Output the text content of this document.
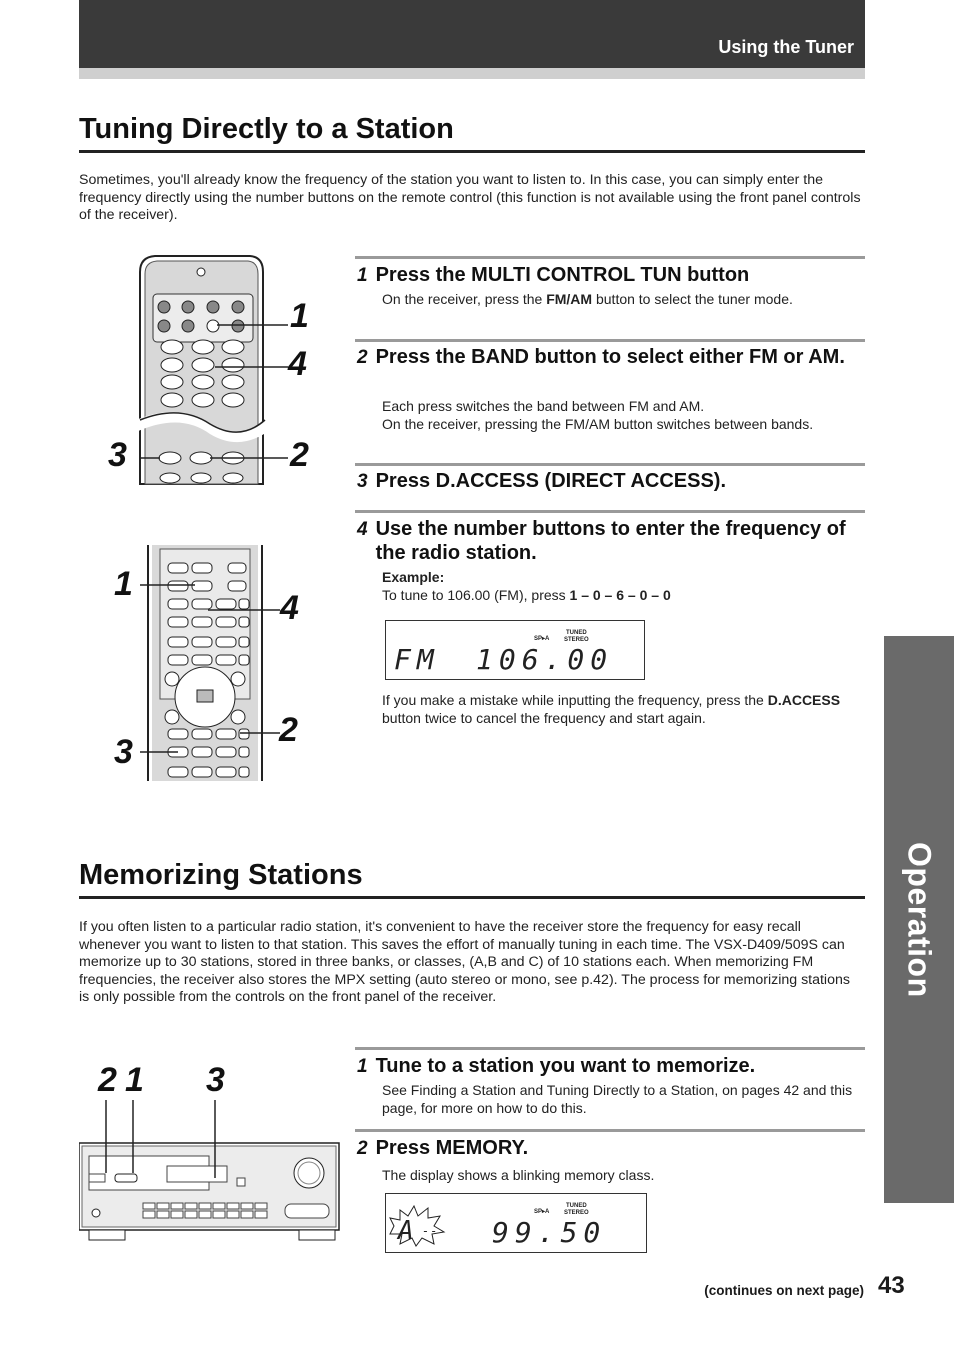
Using the Tuner
Tuning Directly to a Station
Sometimes, you'll already know the frequency of the station you want to listen to. In this case, you can simply enter the frequency directly using the number buttons on the remote control (this function is not available using the front panel controls of the receiver).
1
4
3	2
1
4
2
3
1 Press the MULTI CONTROL TUN button
On the receiver, press the FM/AM button to select the tuner mode.
2 Press the BAND button to select either FM or AM.
Each press switches the band between FM and AM.
On the receiver, pressing the FM/AM button switches between bands.
3 Press D.ACCESS (DIRECT ACCESS).
4 Use the number buttons to enter the frequency of the radio station.
Example:
To tune to 106.00 (FM), press 1 – 0 – 6 – 0 – 0
SP▸A
TUNED
STEREO
FM 106.00
If you make a mistake while inputting the frequency, press the D.ACCESS button twice to cancel the frequency and start again.
Memorizing Stations
If you often listen to a particular radio station, it's convenient to have the receiver store the frequency for easy recall whenever you want to listen to that station. This saves the effort of manually tuning in each time. The VSX-D409/509S can memorize up to 30 stations, stored in three banks, or classes, (A,B and C) of 10 stations each. When memorizing FM frequencies, the receiver also stores the MPX setting (auto stereo or mono, see p.42). The process for memorizing stations is only possible from the controls on the front panel of the receiver.
2 1 3	1 Tune to a station you want to memorize.
See Finding a Station and Tuning Directly to a Station, on pages 42 and this page, for more on how to do this.
2 Press MEMORY.
The display shows a blinking memory class.
A --
SP▸A
TUNED
STEREO
99.50
Operation
(continues on next page) 43
